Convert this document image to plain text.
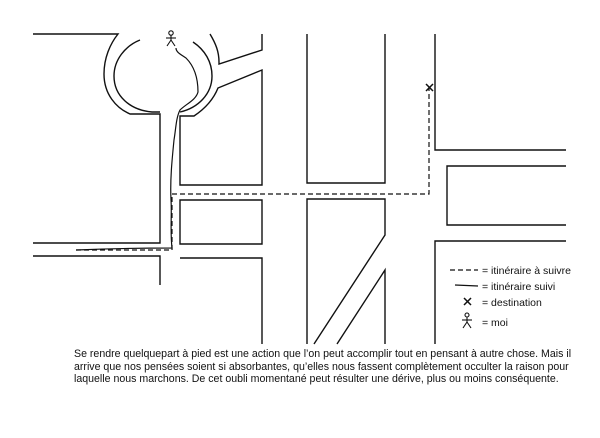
= itinéraire à suivre
= itinéraire suivi
= destination
= moi

Se rendre quelquepart à pied est une action que l’on peut accomplir tout en pensant à autre chose. Mais il arrive que nos pensées soient si absorbantes, qu’elles nous fassent complètement occulter la raison pour laquelle nous marchons. De cet oubli momentané peut résulter une dérive, plus ou moins conséquente.
